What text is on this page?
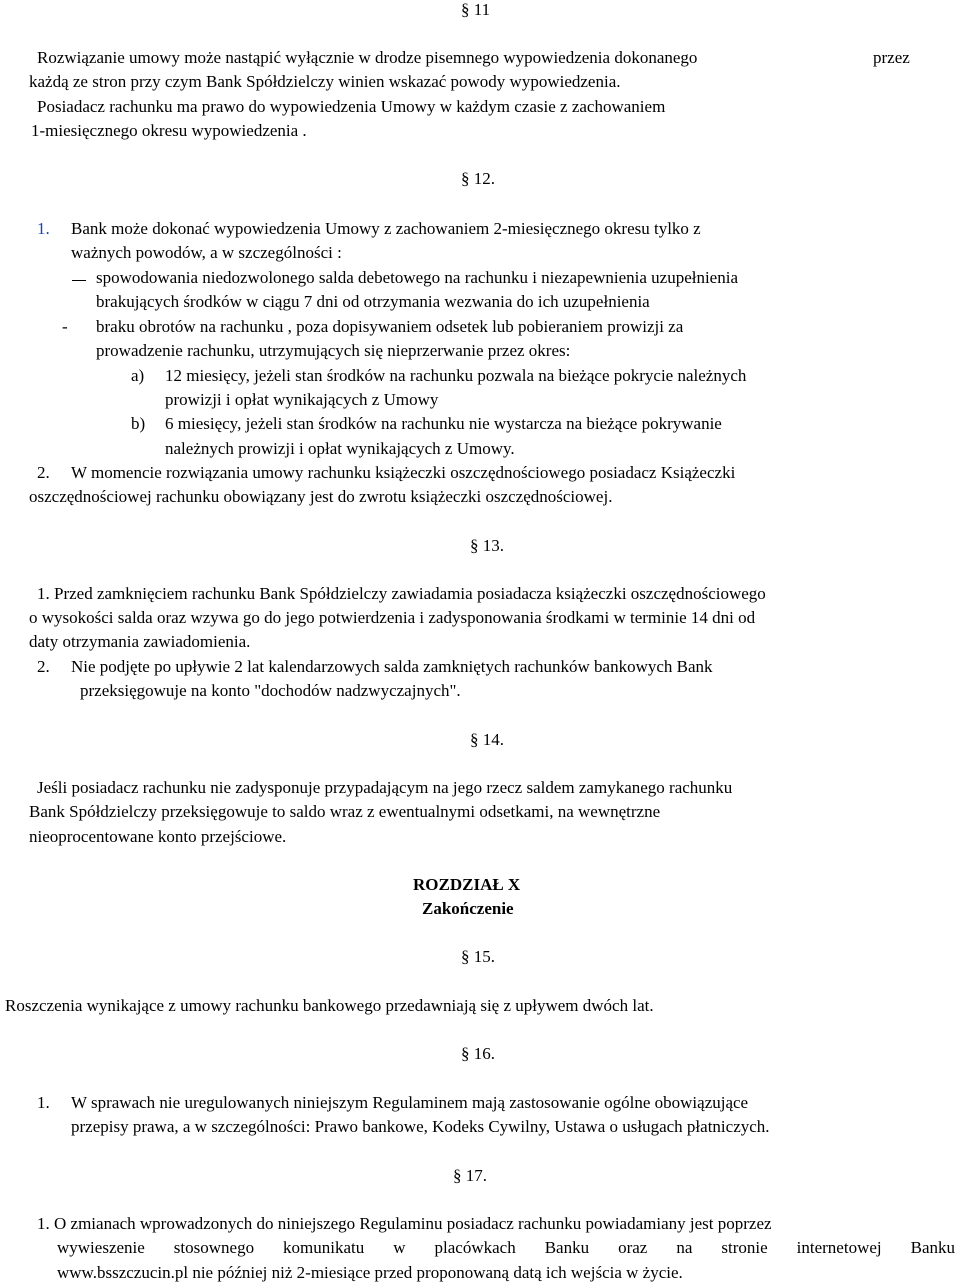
§ 11
Rozwiązanie umowy może nastąpić wyłącznie w drodze pisemnego wypowiedzenia dokonanego	przez
każdą ze stron przy czym Bank Spółdzielczy winien wskazać powody wypowiedzenia.
Posiadacz rachunku ma prawo do wypowiedzenia Umowy w każdym czasie z zachowaniem
1-miesięcznego okresu wypowiedzenia .
§ 12.
1. Bank może dokonać wypowiedzenia Umowy z zachowaniem 2-miesięcznego okresu tylko z
ważnych powodów, a w szczególności :
spowodowania niedozwolonego salda debetowego na rachunku i niezapewnienia uzupełnienia
brakujących środków w ciągu 7 dni od otrzymania wezwania do ich uzupełnienia
- braku obrotów na rachunku , poza dopisywaniem odsetek lub pobieraniem prowizji za
prowadzenie rachunku, utrzymujących się nieprzerwanie przez okres:
a) 12 miesięcy, jeżeli stan środków na rachunku pozwala na bieżące pokrycie należnych
prowizji i opłat wynikających z Umowy
b) 6 miesięcy, jeżeli stan środków na rachunku nie wystarcza na bieżące pokrywanie
należnych prowizji i opłat wynikających z Umowy.
2. W momencie rozwiązania umowy rachunku książeczki oszczędnościowego posiadacz Książeczki
oszczędnościowej rachunku obowiązany jest do zwrotu książeczki oszczędnościowej.
§ 13.
1. Przed zamknięciem rachunku Bank Spółdzielczy zawiadamia posiadacza książeczki oszczędnościowego
o wysokości salda oraz wzywa go do jego potwierdzenia i zadysponowania środkami w terminie 14 dni od
daty otrzymania zawiadomienia.
2. Nie podjęte po upływie 2 lat kalendarzowych salda zamkniętych rachunków bankowych Bank
przeksięgowuje na konto "dochodów nadzwyczajnych".
§ 14.
Jeśli posiadacz rachunku nie zadysponuje przypadającym na jego rzecz saldem zamykanego rachunku
Bank Spółdzielczy przeksięgowuje to saldo wraz z ewentualnymi odsetkami, na wewnętrzne
nieoprocentowane konto przejściowe.
ROZDZIAŁ X
Zakończenie
§ 15.
Roszczenia wynikające z umowy rachunku bankowego przedawniają się z upływem dwóch lat.
§ 16.
1. W sprawach nie uregulowanych niniejszym Regulaminem mają zastosowanie ogólne obowiązujące
przepisy prawa, a w szczególności: Prawo bankowe, Kodeks Cywilny, Ustawa o usługach płatniczych.
§ 17.
1. O zmianach wprowadzonych do niniejszego Regulaminu posiadacz rachunku powiadamiany jest poprzez
wywieszenie stosownego komunikatu w placówkach Banku oraz na stronie internetowej Banku
www.bsszczucin.pl nie później niż 2-miesiące przed proponowaną datą ich wejścia w życie.
